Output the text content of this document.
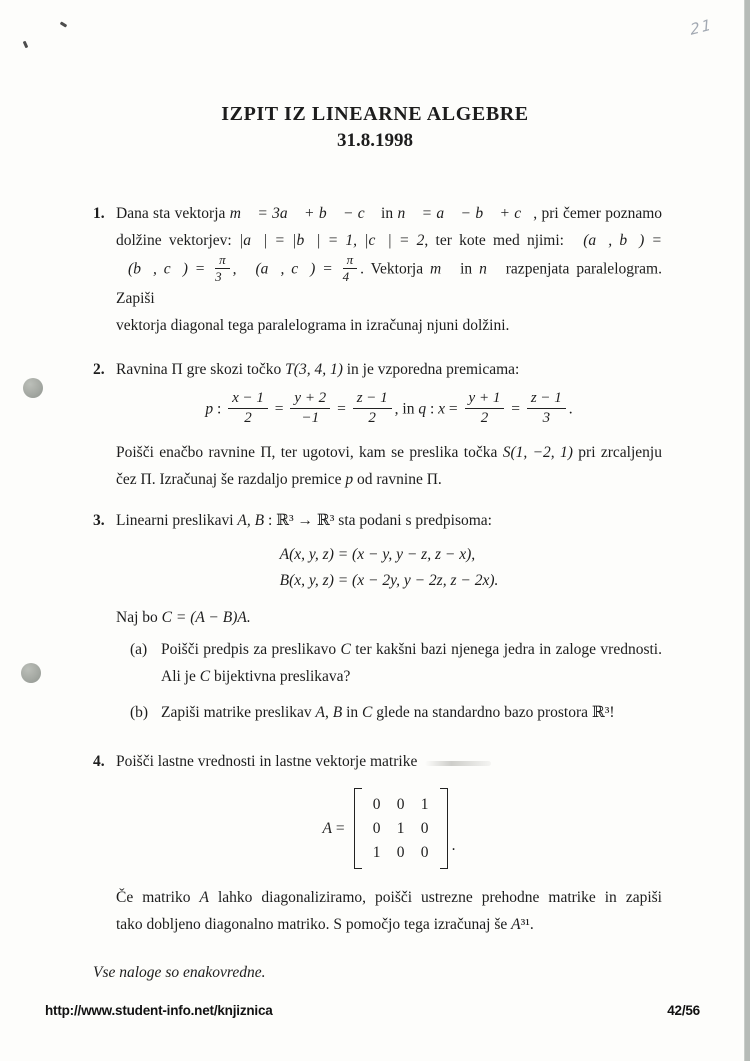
21
IZPIT IZ LINEARNE ALGEBRE
31.8.1998
1. Dana sta vektorja m⃗ = 3a⃗ + b⃗ − c⃗ in n⃗ = a⃗ − b⃗ + c⃗, pri čemer poznamo
dolžine vektorjev: |a⃗| = |b⃗| = 1, |c⃗| = 2, ter kote med njimi: ∢(a⃗, b⃗) =
∢(b⃗, c⃗) = $\frac{\pi}{3}$ , ∢(a⃗, c⃗) = $\frac{\pi}{4}$ . Vektorja m⃗ in n⃗ razpenjata paralelogram. Zapiši
vektorja diagonal tega paralelograma in izračunaj njuni dolžini.
2. Ravnina Π gre skozi točko T(3, 4, 1) in je vzporedna premicama:
p : $\frac{x - 1}{2} = \frac{y + 2}{-1} = \frac{z - 1}{2}$ , in q : $x = \frac{y + 1}{2} = \frac{z - 1}{3}$ .
Poišči enačbo ravnine Π, ter ugotovi, kam se preslika točka S(1, −2, 1) pri zrcaljenju
čez Π. Izračunaj še razdaljo premice p od ravnine Π.
3. Linearni preslikavi A, B : ℝ³ → ℝ³ sta podani s predpisoma:
A(x, y, z) = (x − y, y − z, z − x),
B(x, y, z) = (x − 2y, y − 2z, z − 2x).
Naj bo C = (A − B)A.
(a) Poišči predpis za preslikavo C ter kakšni bazi njenega jedra in zaloge vrednosti.
Ali je C bijektivna preslikava?
(b) Zapiši matrike preslikav A, B in C glede na standardno bazo prostora ℝ³!
4. Poišči lastne vrednosti in lastne vektorje matrike
A =
0	0	1
0	1	0
1	0	0	.
Če matriko A lahko diagonaliziramo, poišči ustrezne prehodne matrike in zapiši
tako dobljeno diagonalno matriko. S pomočjo tega izračunaj še A³¹.
Vse naloge so enakovredne.
http://www.student-info.net/knjiznica	42/56
